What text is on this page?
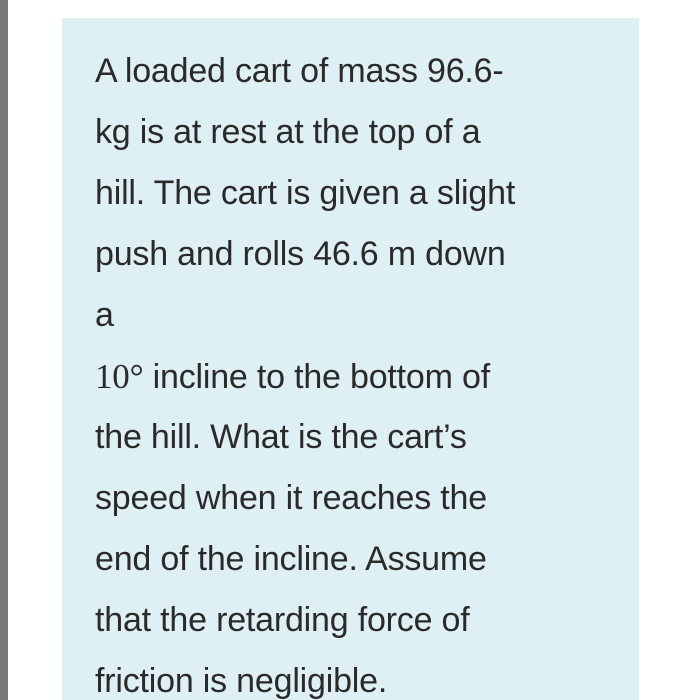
A loaded cart of mass 96.6-
kg is at rest at the top of a
hill. The cart is given a slight
push and rolls 46.6 m down
a
10° incline to the bottom of
the hill. What is the cart’s
speed when it reaches the
end of the incline. Assume
that the retarding force of
friction is negligible.
